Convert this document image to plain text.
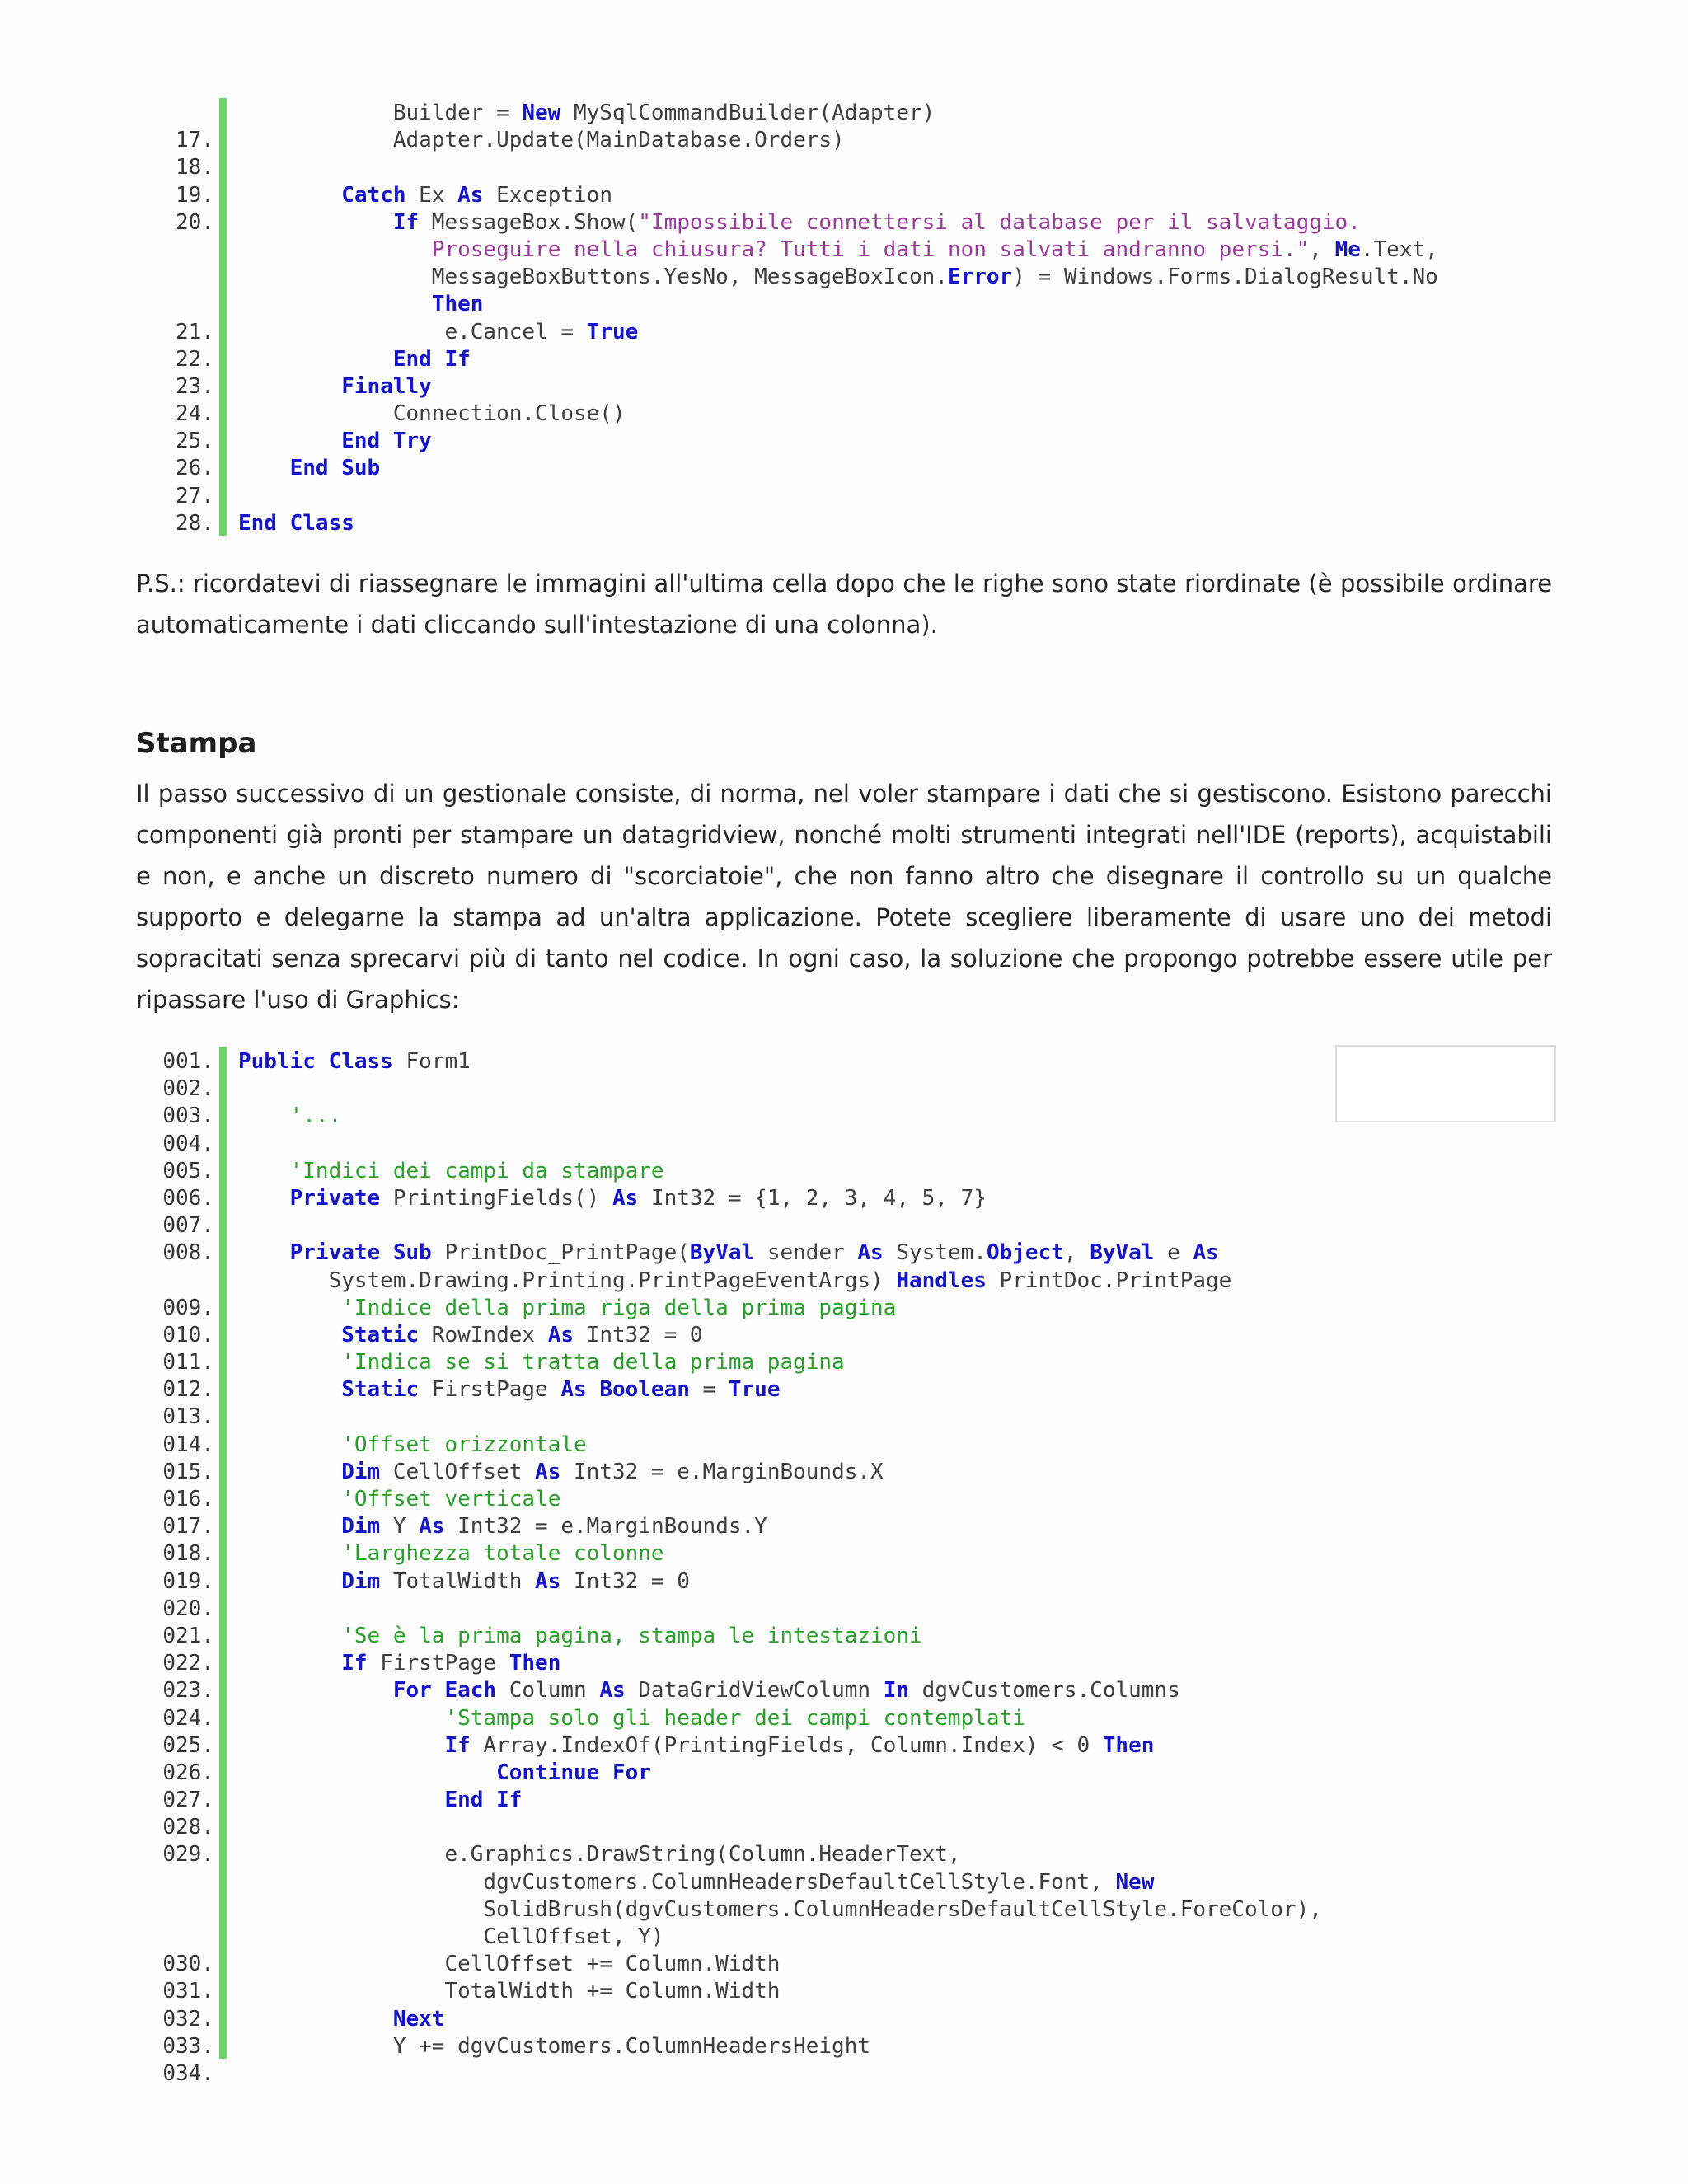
Builder = New MySqlCommandBuilder(Adapter)
17. Adapter.Update(MainDatabase.Orders)
18.
19.	Catch Ex As Exception
20.	If MessageBox.Show("Impossibile connettersi al database per il salvataggio.
Proseguire nella chiusura? Tutti i dati non salvati andranno persi.", Me.Text,
MessageBoxButtons.YesNo, MessageBoxIcon.Error) = Windows.Forms.DialogResult.No
Then
21. e.Cancel = True
22.	End If
23.	Finally
24. Connection.Close()
25.	End Try
26.	End Sub
27.
28. End Class

P.S.: ricordatevi di riassegnare le immagini all'ultima cella dopo che le righe sono state riordinate (è possibile ordinare automaticamente i dati cliccando sull'intestazione di una colonna).

Stampa

Il passo successivo di un gestionale consiste, di norma, nel voler stampare i dati che si gestiscono. Esistono parecchi componenti già pronti per stampare un datagridview, nonché molti strumenti integrati nell'IDE (reports), acquistabili e non, e anche un discreto numero di "scorciatoie", che non fanno altro che disegnare il controllo su un qualche supporto e delegarne la stampa ad un'altra applicazione. Potete scegliere liberamente di usare uno dei metodi sopracitati senza sprecarvi più di tanto nel codice. In ogni caso, la soluzione che propongo potrebbe essere utile per ripassare l'uso di Graphics:

001. Public Class Form1
002.
003.	'...
004.
005.	'Indici dei campi da stampare
006.	Private PrintingFields() As Int32 = {1, 2, 3, 4, 5, 7}
007.
008.	Private Sub PrintDoc_PrintPage(ByVal sender As System.Object, ByVal e As
System.Drawing.Printing.PrintPageEventArgs) Handles PrintDoc.PrintPage
009.	'Indice della prima riga della prima pagina
010.	Static RowIndex As Int32 = 0
011.	'Indica se si tratta della prima pagina
012.	Static FirstPage As Boolean = True
013.
014.	'Offset orizzontale
015.	Dim CellOffset As Int32 = e.MarginBounds.X
016.	'Offset verticale
017.	Dim Y As Int32 = e.MarginBounds.Y
018.	'Larghezza totale colonne
019.	Dim TotalWidth As Int32 = 0
020.
021.	'Se è la prima pagina, stampa le intestazioni
022.	If FirstPage Then
023.	For Each Column As DataGridViewColumn In dgvCustomers.Columns
024.	'Stampa solo gli header dei campi contemplati
025.	If Array.IndexOf(PrintingFields, Column.Index) < 0 Then
026.	Continue For
027.	End If
028.
029. e.Graphics.DrawString(Column.HeaderText,
dgvCustomers.ColumnHeadersDefaultCellStyle.Font, New
SolidBrush(dgvCustomers.ColumnHeadersDefaultCellStyle.ForeColor),
CellOffset, Y)
030. CellOffset += Column.Width
031. TotalWidth += Column.Width
032.	Next
033. Y += dgvCustomers.ColumnHeadersHeight
034.
